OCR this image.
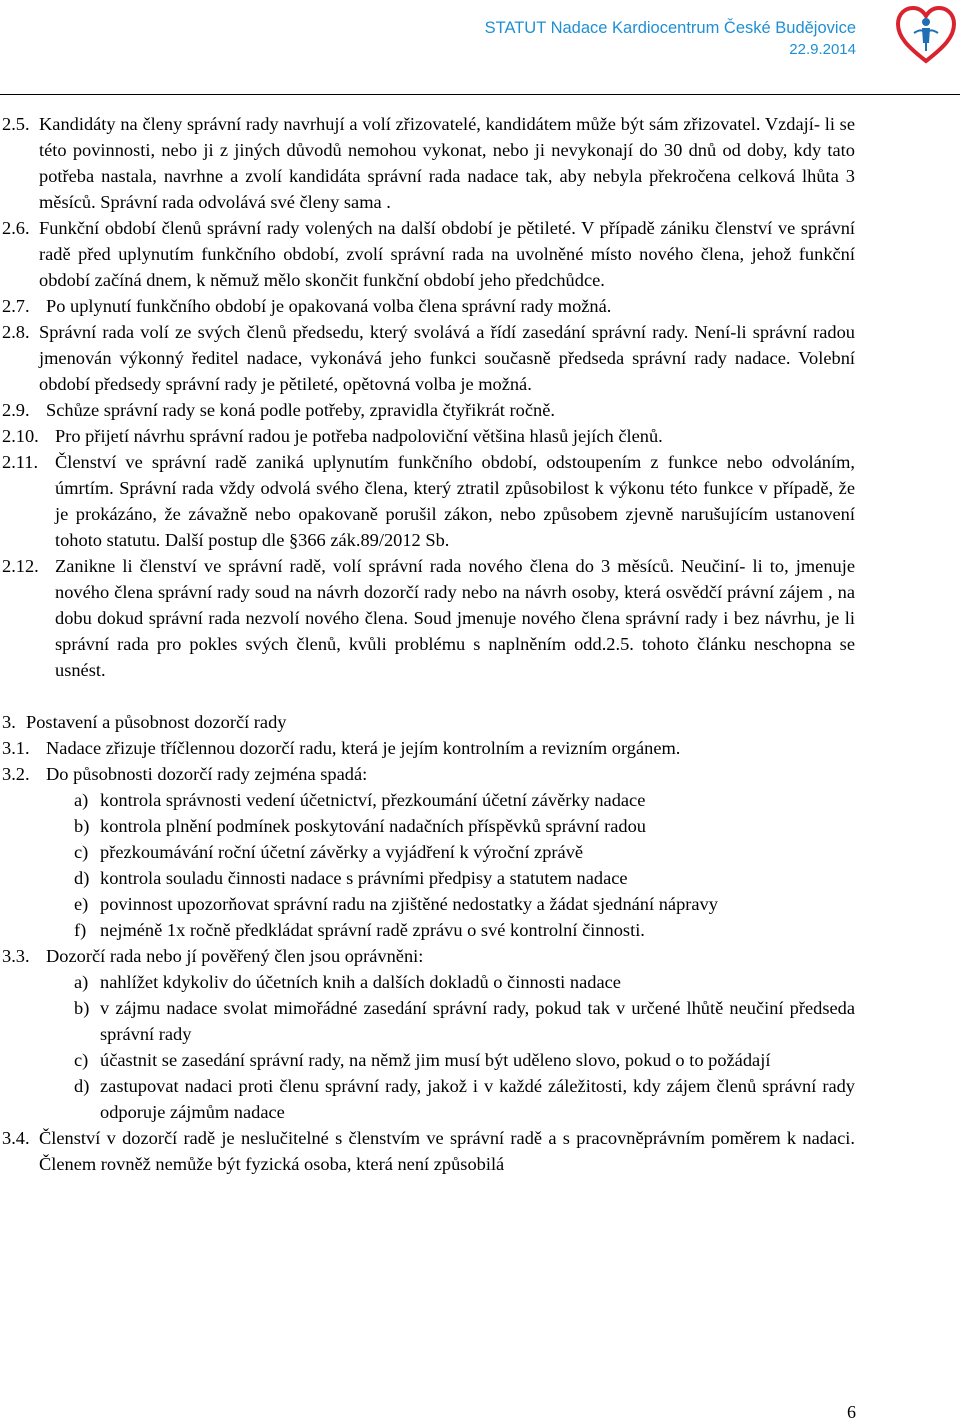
STATUT Nadace Kardiocentrum České Budějovice
22.9.2014
2.5. Kandidáty na členy správní rady navrhují a volí zřizovatelé, kandidátem může být sám zřizovatel. Vzdají- li se této povinnosti, nebo ji z jiných důvodů nemohou vykonat, nebo ji nevykonají do 30 dnů od doby, kdy tato potřeba nastala, navrhne a zvolí kandidáta správní rada nadace tak, aby nebyla překročena celková lhůta 3 měsíců. Správní rada odvolává své členy sama .
2.6. Funkční období členů správní rady volených na další období je pětileté. V případě zániku členství ve správní radě před uplynutím funkčního období, zvolí správní rada na uvolněné místo nového člena, jehož funkční období začíná dnem, k němuž mělo skončit funkční období jeho předchůdce.
2.7. Po uplynutí funkčního období je opakovaná volba člena správní rady možná.
2.8. Správní rada volí ze svých členů předsedu, který svolává a řídí zasedání správní rady. Není-li správní radou jmenován výkonný ředitel nadace, vykonává jeho funkci současně předseda správní rady nadace. Volební období předsedy správní rady je pětileté, opětovná volba je možná.
2.9. Schůze správní rady se koná podle potřeby, zpravidla čtyřikrát ročně.
2.10. Pro přijetí návrhu správní radou je potřeba nadpoloviční většina hlasů jejích členů.
2.11. Členství ve správní radě zaniká uplynutím funkčního období, odstoupením z funkce nebo odvoláním, úmrtím. Správní rada vždy odvolá svého člena, který ztratil způsobilost k výkonu této funkce v případě, že je prokázáno, že závažně nebo opakovaně porušil zákon, nebo způsobem zjevně narušujícím ustanovení tohoto statutu. Další postup dle §366 zák.89/2012 Sb.
2.12. Zanikne li členství ve správní radě, volí správní rada nového člena do 3 měsíců. Neučiní- li to, jmenuje nového člena správní rady soud na návrh dozorčí rady nebo na návrh osoby, která osvědčí právní zájem , na dobu dokud správní rada nezvolí nového člena. Soud jmenuje nového člena správní rady i bez návrhu, je li správní rada pro pokles svých členů, kvůli problému s naplněním odd.2.5. tohoto článku neschopna se usnést.
3. Postavení a působnost dozorčí rady
3.1. Nadace zřizuje tříčlennou dozorčí radu, která je jejím kontrolním a revizním orgánem.
3.2. Do působnosti dozorčí rady zejména spadá:
a) kontrola správnosti vedení účetnictví, přezkoumání účetní závěrky nadace
b) kontrola plnění podmínek poskytování nadačních příspěvků správní radou
c) přezkoumávání roční účetní závěrky a vyjádření k výroční zprávě
d) kontrola souladu činnosti nadace s právními předpisy a statutem nadace
e) povinnost upozorňovat správní radu na zjištěné nedostatky a žádat sjednání nápravy
f) nejméně 1x ročně předkládat správní radě zprávu o své kontrolní činnosti.
3.3. Dozorčí rada nebo jí pověřený člen jsou oprávněni:
a) nahlížet kdykoliv do účetních knih a dalších dokladů o činnosti nadace
b) v zájmu nadace svolat mimořádné zasedání správní rady, pokud tak v určené lhůtě neučiní předseda správní rady
c) účastnit se zasedání správní rady, na němž jim musí být uděleno slovo, pokud o to požádají
d) zastupovat nadaci proti členu správní rady, jakož i v každé záležitosti, kdy zájem členů správní rady odporuje zájmům nadace
3.4. Členství v dozorčí radě je neslučitelné s členstvím ve správní radě a s pracovněprávním poměrem k nadaci. Členem rovněž nemůže být fyzická osoba, která není způsobilá
6
